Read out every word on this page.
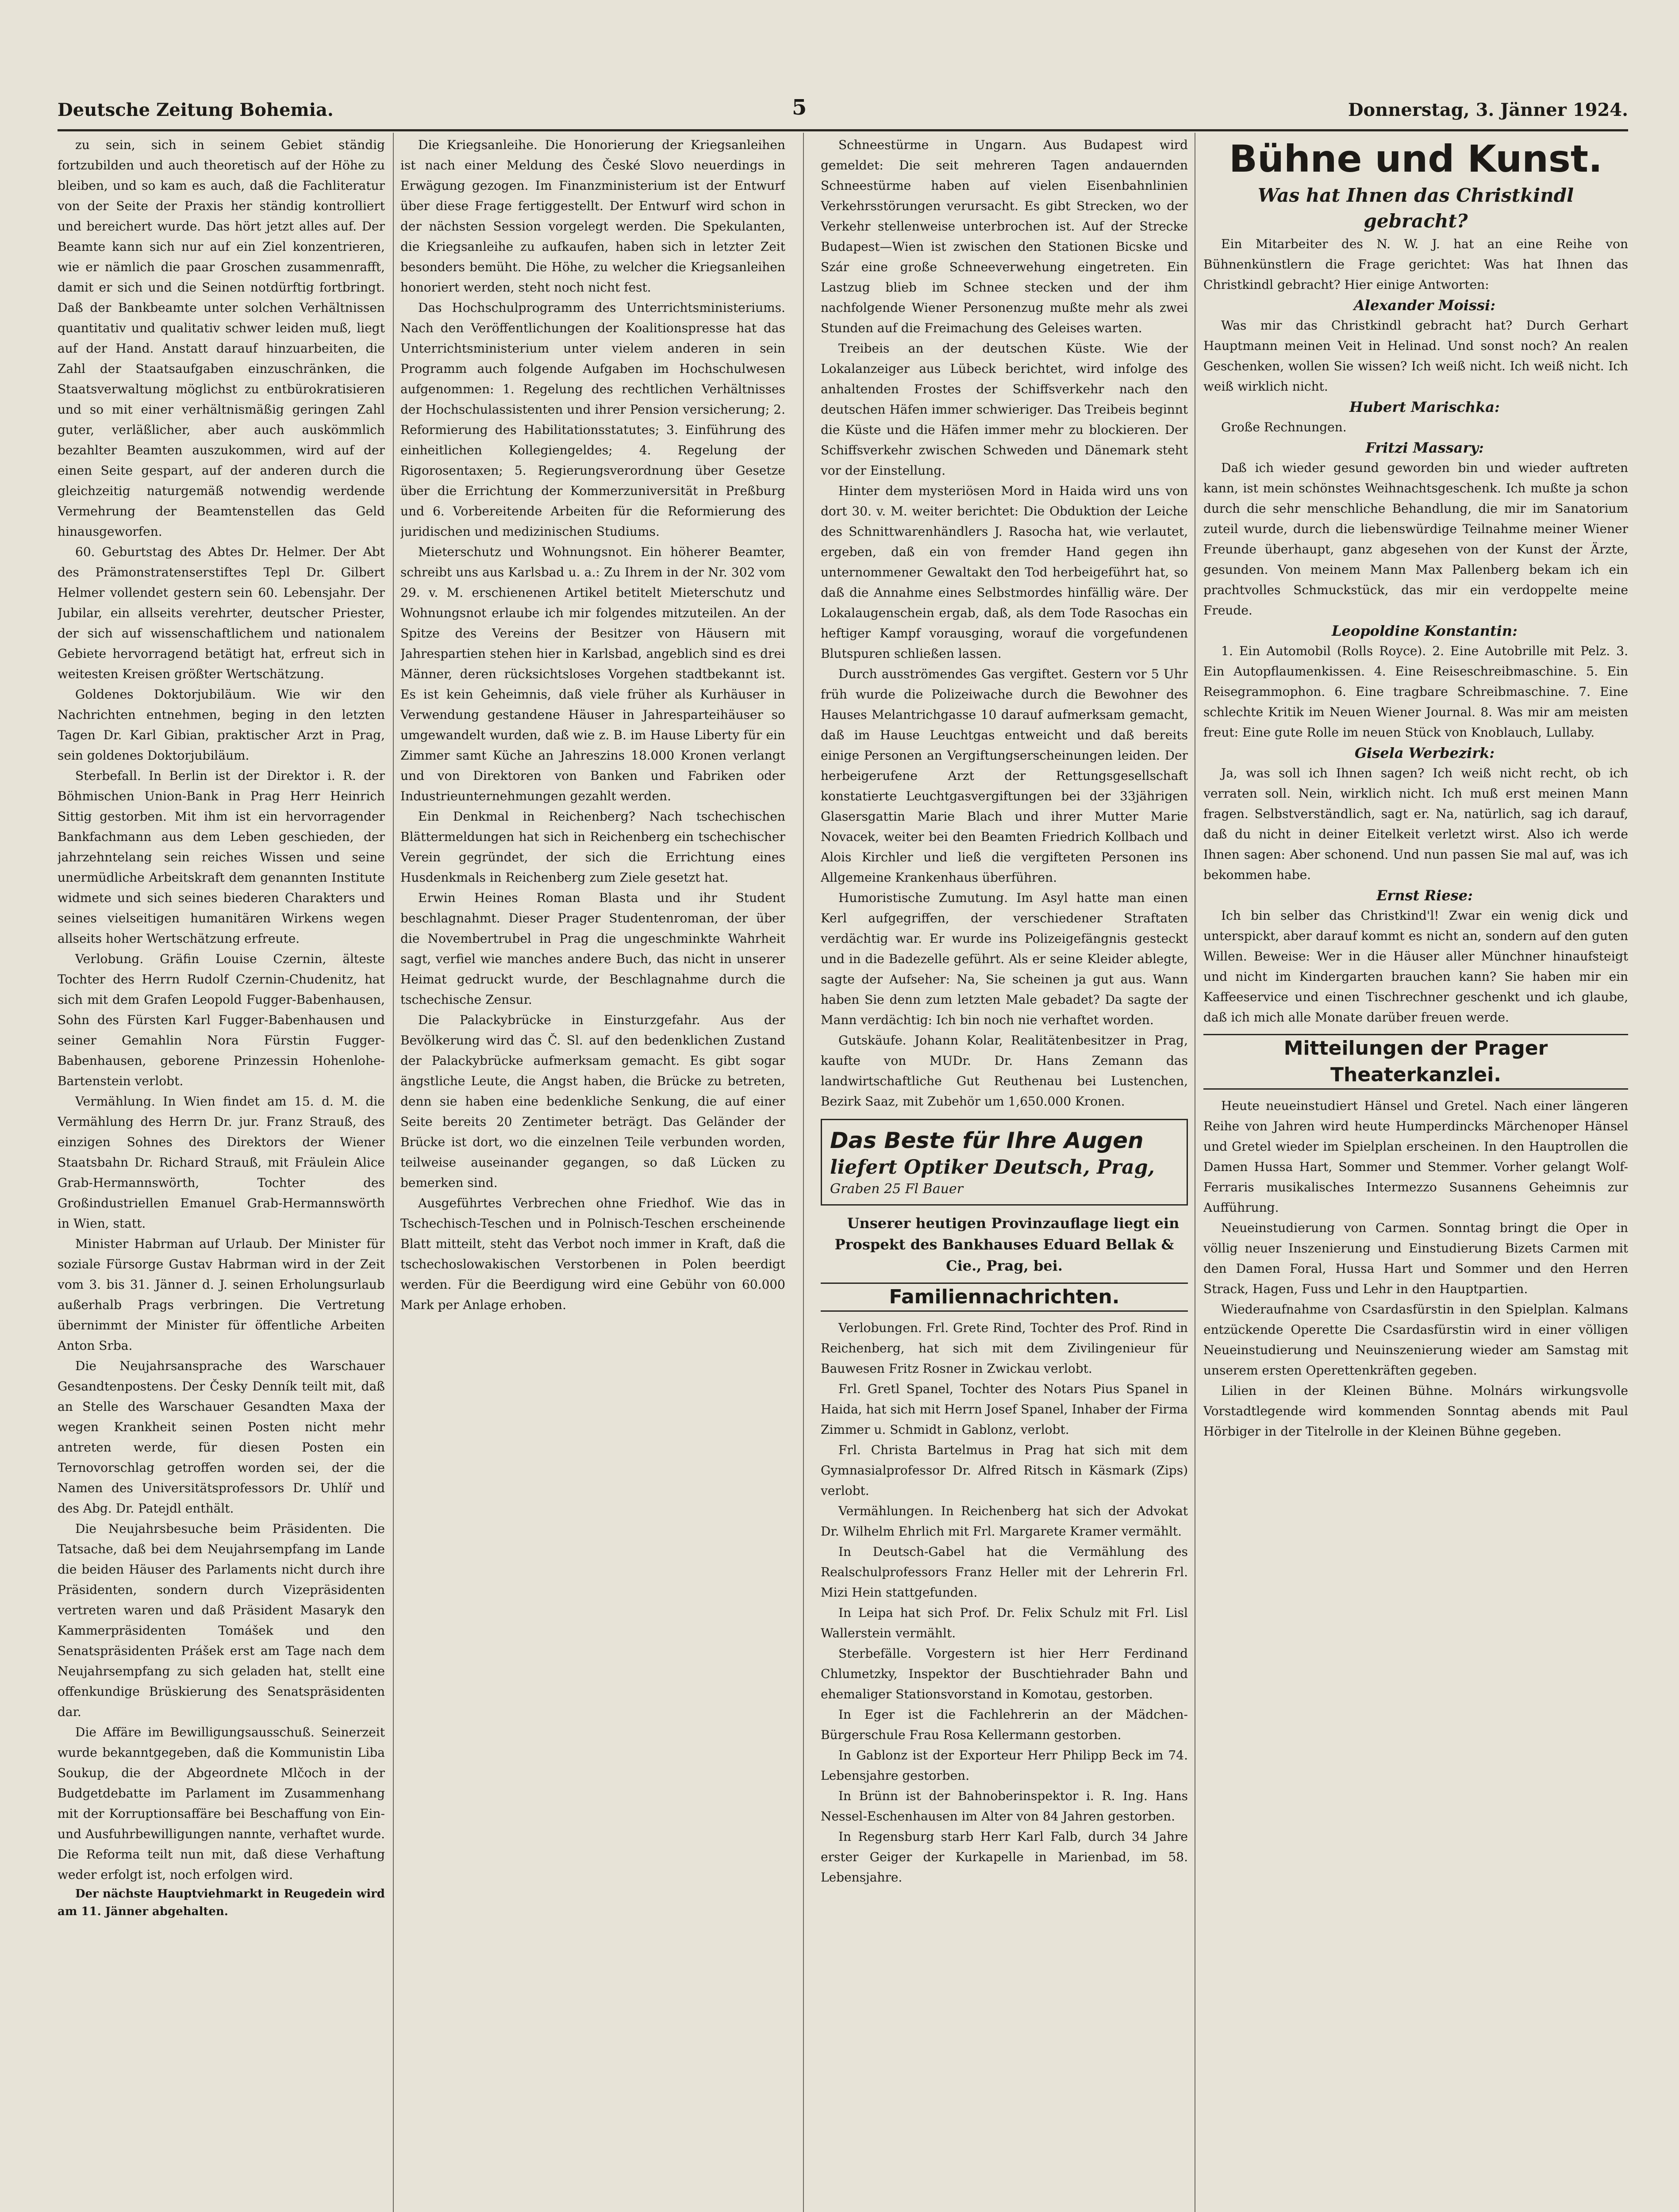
Deutsche Zeitung Bohemia.	5	Donnerstag, 3. Jänner 1924.

zu sein, sich in seinem Gebiet ständig fortzubilden und auch theoretisch auf der Höhe zu bleiben, und so kam es auch, daß die Fachliteratur von der Seite der Praxis her ständig kontrolliert und bereichert wurde. Das hört jetzt alles auf. Der Beamte kann sich nur auf ein Ziel konzentrieren, wie er nämlich die paar Groschen zusammenrafft, damit er sich und die Seinen notdürftig fortbringt. Daß der Bankbeamte unter solchen Verhältnissen quantitativ und qualitativ schwer leiden muß, liegt auf der Hand. Anstatt darauf hinzuarbeiten, die Zahl der Staatsaufgaben einzuschränken, die Staatsverwaltung möglichst zu entbürokratisieren und so mit einer verhältnismäßig geringen Zahl guter, verläßlicher, aber auch auskömmlich bezahlter Beamten auszukommen, wird auf der einen Seite gespart, auf der anderen durch die gleichzeitig naturgemäß notwendig werdende Vermehrung der Beamtenstellen das Geld hinausgeworfen.

60. Geburtstag des Abtes Dr. Helmer. Der Abt des Prämonstratenserstiftes Tepl Dr. Gilbert Helmer vollendet gestern sein 60. Lebensjahr. Der Jubilar, ein allseits verehrter, deutscher Priester, der sich auf wissenschaftlichem und nationalem Gebiete hervorragend betätigt hat, erfreut sich in weitesten Kreisen größter Wertschätzung.

Goldenes Doktorjubiläum. Wie wir den Nachrichten entnehmen, beging in den letzten Tagen Dr. Karl Gibian, praktischer Arzt in Prag, sein goldenes Doktorjubiläum.

Sterbefall. In Berlin ist der Direktor i. R. der Böhmischen Union-Bank in Prag Herr Heinrich Sittig gestorben. Mit ihm ist ein hervorragender Bankfachmann aus dem Leben geschieden, der jahrzehntelang sein reiches Wissen und seine unermüdliche Arbeitskraft dem genannten Institute widmete und sich seines biederen Charakters und seines vielseitigen humanitären Wirkens wegen allseits hoher Wertschätzung erfreute.

Verlobung. Gräfin Louise Czernin, älteste Tochter des Herrn Rudolf Czernin-Chudenitz, hat sich mit dem Grafen Leopold Fugger-Babenhausen, Sohn des Fürsten Karl Fugger-Babenhausen und seiner Gemahlin Nora Fürstin Fugger-Babenhausen, geborene Prinzessin Hohenlohe-Bartenstein verlobt.

Vermählung. In Wien findet am 15. d. M. die Vermählung des Herrn Dr. jur. Franz Strauß, des einzigen Sohnes des Direktors der Wiener Staatsbahn Dr. Richard Strauß, mit Fräulein Alice Grab-Hermannswörth, Tochter des Großindustriellen Emanuel Grab-Hermannswörth in Wien, statt.

Minister Habrman auf Urlaub. Der Minister für soziale Fürsorge Gustav Habrman wird in der Zeit vom 3. bis 31. Jänner d. J. seinen Erholungsurlaub außerhalb Prags verbringen. Die Vertretung übernimmt der Minister für öffentliche Arbeiten Anton Srba.

Die Neujahrsansprache des Warschauer Gesandtenpostens. Der Česky Denník teilt mit, daß an Stelle des Warschauer Gesandten Maxa der wegen Krankheit seinen Posten nicht mehr antreten werde, für diesen Posten ein Ternovorschlag getroffen worden sei, der die Namen des Universitätsprofessors Dr. Uhlíř und des Abg. Dr. Patejdl enthält.

Die Neujahrsbesuche beim Präsidenten. Die Tatsache, daß bei dem Neujahrsempfang im Lande die beiden Häuser des Parlaments nicht durch ihre Präsidenten, sondern durch Vizepräsidenten vertreten waren und daß Präsident Masaryk den Kammerpräsidenten Tomášek und den Senatspräsidenten Prášek erst am Tage nach dem Neujahrsempfang zu sich geladen hat, stellt eine offenkundige Brüskierung des Senatspräsidenten dar.

Die Affäre im Bewilligungsausschuß. Seinerzeit wurde bekanntgegeben, daß die Kommunistin Liba Soukup, die der Abgeordnete Mlčoch in der Budgetdebatte im Parlament im Zusammenhang mit der Korruptionsaffäre bei Beschaffung von Ein- und Ausfuhrbewilligungen nannte, verhaftet wurde. Die Reforma teilt nun mit, daß diese Verhaftung weder erfolgt ist, noch erfolgen wird.

Der nächste Hauptviehmarkt in Reugedein wird am 11. Jänner abgehalten.

Die Kriegsanleihe. Die Honorierung der Kriegsanleihen ist nach einer Meldung des České Slovo neuerdings in Erwägung gezogen. Im Finanzministerium ist der Entwurf über diese Frage fertiggestellt. Der Entwurf wird schon in der nächsten Session vorgelegt werden. Die Spekulanten, die Kriegsanleihe zu aufkaufen, haben sich in letzter Zeit besonders bemüht. Die Höhe, zu welcher die Kriegsanleihen honoriert werden, steht noch nicht fest.

Das Hochschulprogramm des Unterrichtsministeriums. Nach den Veröffentlichungen der Koalitionspresse hat das Unterrichtsministerium unter vielem anderen in sein Programm auch folgende Aufgaben im Hochschulwesen aufgenommen: 1. Regelung des rechtlichen Verhältnisses der Hochschulassistenten und ihrer Pension versicherung; 2. Reformierung des Habilitationsstatutes; 3. Einführung des einheitlichen Kollegiengeldes; 4. Regelung der Rigorosentaxen; 5. Regierungsverordnung über Gesetze über die Errichtung der Kommerzuniversität in Preßburg und 6. Vorbereitende Arbeiten für die Reformierung des juridischen und medizinischen Studiums.

Mieterschutz und Wohnungsnot. Ein höherer Beamter, schreibt uns aus Karlsbad u. a.: Zu Ihrem in der Nr. 302 vom 29. v. M. erschienenen Artikel betitelt Mieterschutz und Wohnungsnot erlaube ich mir folgendes mitzuteilen. An der Spitze des Vereins der Besitzer von Häusern mit Jahrespartien stehen hier in Karlsbad, angeblich sind es drei Männer, deren rücksichtsloses Vorgehen stadtbekannt ist. Es ist kein Geheimnis, daß viele früher als Kurhäuser in Verwendung gestandene Häuser in Jahresparteihäuser so umgewandelt wurden, daß wie z. B. im Hause Liberty für ein Zimmer samt Küche an Jahreszins 18.000 Kronen verlangt und von Direktoren von Banken und Fabriken oder Industrieunternehmungen gezahlt werden.

Ein Denkmal in Reichenberg? Nach tschechischen Blättermeldungen hat sich in Reichenberg ein tschechischer Verein gegründet, der sich die Errichtung eines Husdenkmals in Reichenberg zum Ziele gesetzt hat.

Erwin Heines Roman Blasta und ihr Student beschlagnahmt. Dieser Prager Studentenroman, der über die Novembertrubel in Prag die ungeschminkte Wahrheit sagt, verfiel wie manches andere Buch, das nicht in unserer Heimat gedruckt wurde, der Beschlagnahme durch die tschechische Zensur.

Die Palackybrücke in Einsturzgefahr. Aus der Bevölkerung wird das Č. Sl. auf den bedenklichen Zustand der Palackybrücke aufmerksam gemacht. Es gibt sogar ängstliche Leute, die Angst haben, die Brücke zu betreten, denn sie haben eine bedenkliche Senkung, die auf einer Seite bereits 20 Zentimeter beträgt. Das Geländer der Brücke ist dort, wo die einzelnen Teile verbunden worden, teilweise auseinander gegangen, so daß Lücken zu bemerken sind.

Ausgeführtes Verbrechen ohne Friedhof. Wie das in Tschechisch-Teschen und in Polnisch-Teschen erscheinende Blatt mitteilt, steht das Verbot noch immer in Kraft, daß die tschechoslowakischen Verstorbenen in Polen beerdigt werden. Für die Beerdigung wird eine Gebühr von 60.000 Mark per Anlage erhoben.

Schneestürme in Ungarn. Aus Budapest wird gemeldet: Die seit mehreren Tagen andauernden Schneestürme haben auf vielen Eisenbahnlinien Verkehrsstörungen verursacht. Es gibt Strecken, wo der Verkehr stellenweise unterbrochen ist. Auf der Strecke Budapest—Wien ist zwischen den Stationen Bicske und Szár eine große Schneeverwehung eingetreten. Ein Lastzug blieb im Schnee stecken und der ihm nachfolgende Wiener Personenzug mußte mehr als zwei Stunden auf die Freimachung des Geleises warten.

Treibeis an der deutschen Küste. Wie der Lokalanzeiger aus Lübeck berichtet, wird infolge des anhaltenden Frostes der Schiffsverkehr nach den deutschen Häfen immer schwieriger. Das Treibeis beginnt die Küste und die Häfen immer mehr zu blockieren. Der Schiffsverkehr zwischen Schweden und Dänemark steht vor der Einstellung.

Hinter dem mysteriösen Mord in Haida wird uns von dort 30. v. M. weiter berichtet: Die Obduktion der Leiche des Schnittwarenhändlers J. Rasocha hat, wie verlautet, ergeben, daß ein von fremder Hand gegen ihn unternommener Gewaltakt den Tod herbeigeführt hat, so daß die Annahme eines Selbstmordes hinfällig wäre. Der Lokalaugenschein ergab, daß, als dem Tode Rasochas ein heftiger Kampf vorausging, worauf die vorgefundenen Blutspuren schließen lassen.

Durch ausströmendes Gas vergiftet. Gestern vor 5 Uhr früh wurde die Polizeiwache durch die Bewohner des Hauses Melantrichgasse 10 darauf aufmerksam gemacht, daß im Hause Leuchtgas entweicht und daß bereits einige Personen an Vergiftungserscheinungen leiden. Der herbeigerufene Arzt der Rettungsgesellschaft konstatierte Leuchtgasvergiftungen bei der 33jährigen Glasersgattin Marie Blach und ihrer Mutter Marie Novacek, weiter bei den Beamten Friedrich Kollbach und Alois Kirchler und ließ die vergifteten Personen ins Allgemeine Krankenhaus überführen.

Humoristische Zumutung. Im Asyl hatte man einen Kerl aufgegriffen, der verschiedener Straftaten verdächtig war. Er wurde ins Polizeigefängnis gesteckt und in die Badezelle geführt. Als er seine Kleider ablegte, sagte der Aufseher: Na, Sie scheinen ja gut aus. Wann haben Sie denn zum letzten Male gebadet? Da sagte der Mann verdächtig: Ich bin noch nie verhaftet worden.

Gutskäufe. Johann Kolar, Realitätenbesitzer in Prag, kaufte von MUDr. Dr. Hans Zemann das landwirtschaftliche Gut Reuthenau bei Lustenchen, Bezirk Saaz, mit Zubehör um 1,650.000 Kronen.

Das Beste für Ihre Augen
liefert Optiker Deutsch, Prag,
Graben 25 Fl Bauer

Unserer heutigen Provinzauflage liegt ein Prospekt des Bankhauses Eduard Bellak & Cie., Prag, bei.

Familiennachrichten.

Verlobungen. Frl. Grete Rind, Tochter des Prof. Rind in Reichenberg, hat sich mit dem Zivilingenieur für Bauwesen Fritz Rosner in Zwickau verlobt.

Frl. Gretl Spanel, Tochter des Notars Pius Spanel in Haida, hat sich mit Herrn Josef Spanel, Inhaber der Firma Zimmer u. Schmidt in Gablonz, verlobt.

Frl. Christa Bartelmus in Prag hat sich mit dem Gymnasialprofessor Dr. Alfred Ritsch in Käsmark (Zips) verlobt.

Vermählungen. In Reichenberg hat sich der Advokat Dr. Wilhelm Ehrlich mit Frl. Margarete Kramer vermählt.

In Deutsch-Gabel hat die Vermählung des Realschulprofessors Franz Heller mit der Lehrerin Frl. Mizi Hein stattgefunden.

In Leipa hat sich Prof. Dr. Felix Schulz mit Frl. Lisl Wallerstein vermählt.

Sterbefälle. Vorgestern ist hier Herr Ferdinand Chlumetzky, Inspektor der Buschtiehrader Bahn und ehemaliger Stationsvorstand in Komotau, gestorben.

In Eger ist die Fachlehrerin an der Mädchen-Bürgerschule Frau Rosa Kellermann gestorben.

In Gablonz ist der Exporteur Herr Philipp Beck im 74. Lebensjahre gestorben.

In Brünn ist der Bahnoberinspektor i. R. Ing. Hans Nessel-Eschenhausen im Alter von 84 Jahren gestorben.

In Regensburg starb Herr Karl Falb, durch 34 Jahre erster Geiger der Kurkapelle in Marienbad, im 58. Lebensjahre.

Bühne und Kunst.
Was hat Ihnen das Christkindl gebracht?

Ein Mitarbeiter des N. W. J. hat an eine Reihe von Bühnenkünstlern die Frage gerichtet: Was hat Ihnen das Christkindl gebracht? Hier einige Antworten:

Alexander Moissi:

Was mir das Christkindl gebracht hat? Durch Gerhart Hauptmann meinen Veit in Helinad. Und sonst noch? An realen Geschenken, wollen Sie wissen? Ich weiß nicht. Ich weiß nicht. Ich weiß wirklich nicht.

Hubert Marischka:

Große Rechnungen.

Fritzi Massary:

Daß ich wieder gesund geworden bin und wieder auftreten kann, ist mein schönstes Weihnachtsgeschenk. Ich mußte ja schon durch die sehr menschliche Behandlung, die mir im Sanatorium zuteil wurde, durch die liebenswürdige Teilnahme meiner Wiener Freunde überhaupt, ganz abgesehen von der Kunst der Ärzte, gesunden. Von meinem Mann Max Pallenberg bekam ich ein prachtvolles Schmuckstück, das mir ein verdoppelte meine Freude.

Leopoldine Konstantin:

1. Ein Automobil (Rolls Royce). 2. Eine Autobrille mit Pelz. 3. Ein Autopflaumenkissen. 4. Eine Reiseschreibmaschine. 5. Ein Reisegrammophon. 6. Eine tragbare Schreibmaschine. 7. Eine schlechte Kritik im Neuen Wiener Journal. 8. Was mir am meisten freut: Eine gute Rolle im neuen Stück von Knoblauch, Lullaby.

Gisela Werbezirk:

Ja, was soll ich Ihnen sagen? Ich weiß nicht recht, ob ich verraten soll. Nein, wirklich nicht. Ich muß erst meinen Mann fragen. Selbstverständlich, sagt er. Na, natürlich, sag ich darauf, daß du nicht in deiner Eitelkeit verletzt wirst. Also ich werde Ihnen sagen: Aber schonend. Und nun passen Sie mal auf, was ich bekommen habe.

Ernst Riese:

Ich bin selber das Christkind'l! Zwar ein wenig dick und unterspickt, aber darauf kommt es nicht an, sondern auf den guten Willen. Beweise: Wer in die Häuser aller Münchner hinaufsteigt und nicht im Kindergarten brauchen kann? Sie haben mir ein Kaffeeservice und einen Tischrechner geschenkt und ich glaube, daß ich mich alle Monate darüber freuen werde.

Mitteilungen der Prager Theaterkanzlei.

Heute neueinstudiert Hänsel und Gretel. Nach einer längeren Reihe von Jahren wird heute Humperdincks Märchenoper Hänsel und Gretel wieder im Spielplan erscheinen. In den Hauptrollen die Damen Hussa Hart, Sommer und Stemmer. Vorher gelangt Wolf-Ferraris musikalisches Intermezzo Susannens Geheimnis zur Aufführung.

Neueinstudierung von Carmen. Sonntag bringt die Oper in völlig neuer Inszenierung und Einstudierung Bizets Carmen mit den Damen Foral, Hussa Hart und Sommer und den Herren Strack, Hagen, Fuss und Lehr in den Hauptpartien.

Wiederaufnahme von Csardasfürstin in den Spielplan. Kalmans entzückende Operette Die Csardasfürstin wird in einer völligen Neueinstudierung und Neuinszenierung wieder am Samstag mit unserem ersten Operettenkräften gegeben.

Lilien in der Kleinen Bühne. Molnárs wirkungsvolle Vorstadtlegende wird kommenden Sonntag abends mit Paul Hörbiger in der Titelrolle in der Kleinen Bühne gegeben.
